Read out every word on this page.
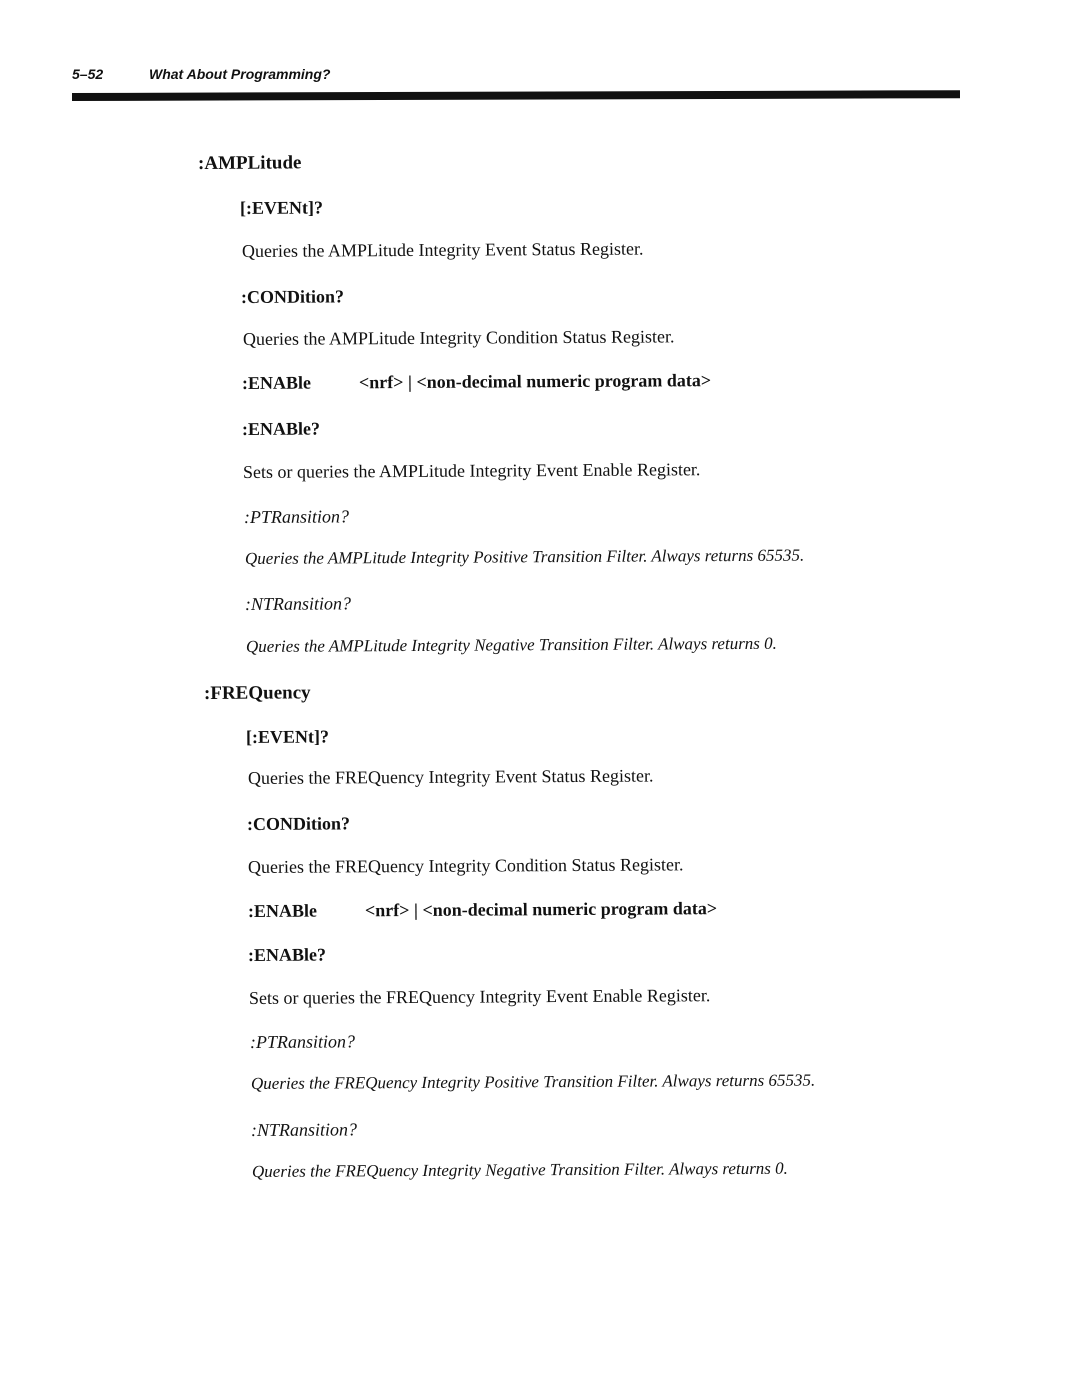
5–52	What About Programming?
:AMPLitude
[:EVENt]?
Queries the AMPLitude Integrity Event Status Register.
:CONDition?
Queries the AMPLitude Integrity Condition Status Register.
:ENABle	<nrf> | <non-decimal numeric program data>
:ENABle?
Sets or queries the AMPLitude Integrity Event Enable Register.
:PTRansition?
Queries the AMPLitude Integrity Positive Transition Filter. Always returns 65535.
:NTRansition?
Queries the AMPLitude Integrity Negative Transition Filter. Always returns 0.
:FREQuency
[:EVENt]?
Queries the FREQuency Integrity Event Status Register.
:CONDition?
Queries the FREQuency Integrity Condition Status Register.
:ENABle	<nrf> | <non-decimal numeric program data>
:ENABle?
Sets or queries the FREQuency Integrity Event Enable Register.
:PTRansition?
Queries the FREQuency Integrity Positive Transition Filter. Always returns 65535.
:NTRansition?
Queries the FREQuency Integrity Negative Transition Filter. Always returns 0.
